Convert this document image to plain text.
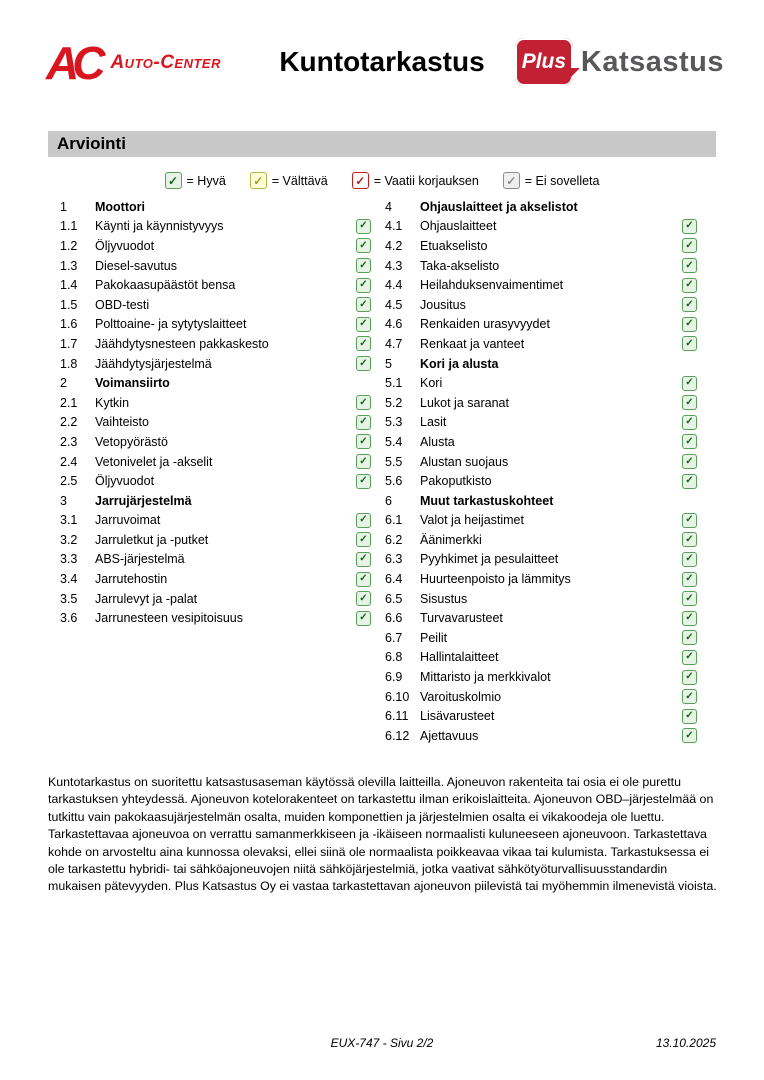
AC Auto-Center	Kuntotarkastus	Plus Katsastus
Arviointi
✓ = Hyvä ✓ = Välttävä ✓ = Vaatii korjauksen ✓ = Ei sovelleta
1	Moottori
1.1	Käynti ja käynnistyvyys	✓
1.2	Öljyvuodot	✓
1.3	Diesel-savutus	✓
1.4	Pakokaasupäästöt bensa	✓
1.5	OBD-testi	✓
1.6	Polttoaine- ja sytytyslaitteet	✓
1.7	Jäähdytysnesteen pakkaskesto	✓
1.8	Jäähdytysjärjestelmä	✓
2	Voimansiirto
2.1	Kytkin	✓
2.2	Vaihteisto	✓
2.3	Vetopyörästö	✓
2.4	Vetonivelet ja -akselit	✓
2.5	Öljyvuodot	✓
3	Jarrujärjestelmä
3.1	Jarruvoimat	✓
3.2	Jarruletkut ja -putket	✓
3.3	ABS-järjestelmä	✓
3.4	Jarrutehostin	✓
3.5	Jarrulevyt ja -palat	✓
3.6	Jarrunesteen vesipitoisuus	✓
4	Ohjauslaitteet ja akselistot
4.1	Ohjauslaitteet	✓
4.2	Etuakselisto	✓
4.3	Taka-akselisto	✓
4.4	Heilahduksenvaimentimet	✓
4.5	Jousitus	✓
4.6	Renkaiden urasyvyydet	✓
4.7	Renkaat ja vanteet	✓
5	Kori ja alusta
5.1	Kori	✓
5.2	Lukot ja saranat	✓
5.3	Lasit	✓
5.4	Alusta	✓
5.5	Alustan suojaus	✓
5.6	Pakoputkisto	✓
6	Muut tarkastuskohteet
6.1	Valot ja heijastimet	✓
6.2	Äänimerkki	✓
6.3	Pyyhkimet ja pesulaitteet	✓
6.4	Huurteenpoisto ja lämmitys	✓
6.5	Sisustus	✓
6.6	Turvavarusteet	✓
6.7	Peilit	✓
6.8	Hallintalaitteet	✓
6.9	Mittaristo ja merkkivalot	✓
6.10 Varoituskolmio	✓
6.11 Lisävarusteet	✓
6.12 Ajettavuus	✓
Kuntotarkastus on suoritettu katsastusaseman käytössä olevilla laitteilla. Ajoneuvon rakenteita tai osia ei ole purettu tarkastuksen yhteydessä. Ajoneuvon kotelorakenteet on tarkastettu ilman erikoislaitteita. Ajoneuvon OBD–järjestelmää on tutkittu vain pakokaasujärjestelmän osalta, muiden komponettien ja järjestelmien osalta ei vikakoodeja ole luettu. Tarkastettavaa ajoneuvoa on verrattu samanmerkkiseen ja -ikäiseen normaalisti kuluneeseen ajoneuvoon. Tarkastettava kohde on arvosteltu aina kunnossa olevaksi, ellei siinä ole normaalista poikkeavaa vikaa tai kulumista. Tarkastuksessa ei ole tarkastettu hybridi- tai sähköajoneuvojen niitä sähköjärjestelmiä, jotka vaativat sähkötyöturvallisuusstandardin mukaisen pätevyyden. Plus Katsastus Oy ei vastaa tarkastettavan ajoneuvon piilevistä tai myöhemmin ilmenevistä vioista.
EUX-747 - Sivu 2/2	13.10.2025
